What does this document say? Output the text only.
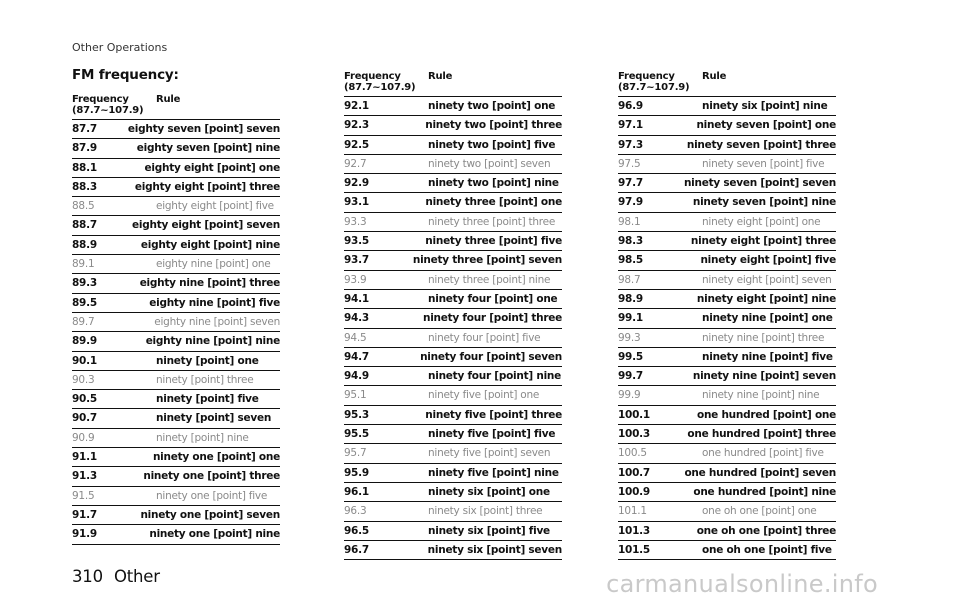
Other Operations
FM frequency:
Frequency
(87.7~107.9)
Rule
87.7	eighty seven [point] seven
87.9	eighty seven [point] nine
88.1	eighty eight [point] one
88.3	eighty eight [point] three
88.5	eighty eight [point] five
88.7	eighty eight [point] seven
88.9	eighty eight [point] nine
89.1	eighty nine [point] one
89.3	eighty nine [point] three
89.5	eighty nine [point] five
89.7	eighty nine [point] seven
89.9	eighty nine [point] nine
90.1	ninety [point] one
90.3	ninety [point] three
90.5	ninety [point] five
90.7	ninety [point] seven
90.9	ninety [point] nine
91.1	ninety one [point] one
91.3	ninety one [point] three
91.5	ninety one [point] five
91.7	ninety one [point] seven
91.9	ninety one [point] nine
Frequency
(87.7~107.9)
Rule
92.1	ninety two [point] one
92.3	ninety two [point] three
92.5	ninety two [point] five
92.7	ninety two [point] seven
92.9	ninety two [point] nine
93.1	ninety three [point] one
93.3	ninety three [point] three
93.5	ninety three [point] five
93.7	ninety three [point] seven
93.9	ninety three [point] nine
94.1	ninety four [point] one
94.3	ninety four [point] three
94.5	ninety four [point] five
94.7	ninety four [point] seven
94.9	ninety four [point] nine
95.1	ninety five [point] one
95.3	ninety five [point] three
95.5	ninety five [point] five
95.7	ninety five [point] seven
95.9	ninety five [point] nine
96.1	ninety six [point] one
96.3	ninety six [point] three
96.5	ninety six [point] five
96.7	ninety six [point] seven
Frequency
(87.7~107.9)
Rule
96.9	ninety six [point] nine
97.1	ninety seven [point] one
97.3	ninety seven [point] three
97.5	ninety seven [point] five
97.7	ninety seven [point] seven
97.9	ninety seven [point] nine
98.1	ninety eight [point] one
98.3	ninety eight [point] three
98.5	ninety eight [point] five
98.7	ninety eight [point] seven
98.9	ninety eight [point] nine
99.1	ninety nine [point] one
99.3	ninety nine [point] three
99.5	ninety nine [point] five
99.7	ninety nine [point] seven
99.9	ninety nine [point] nine
100.1	one hundred [point] one
100.3	one hundred [point] three
100.5	one hundred [point] five
100.7	one hundred [point] seven
100.9	one hundred [point] nine
101.1	one oh one [point] one
101.3	one oh one [point] three
101.5	one oh one [point] five
310 Other	carmanualsonline.info
